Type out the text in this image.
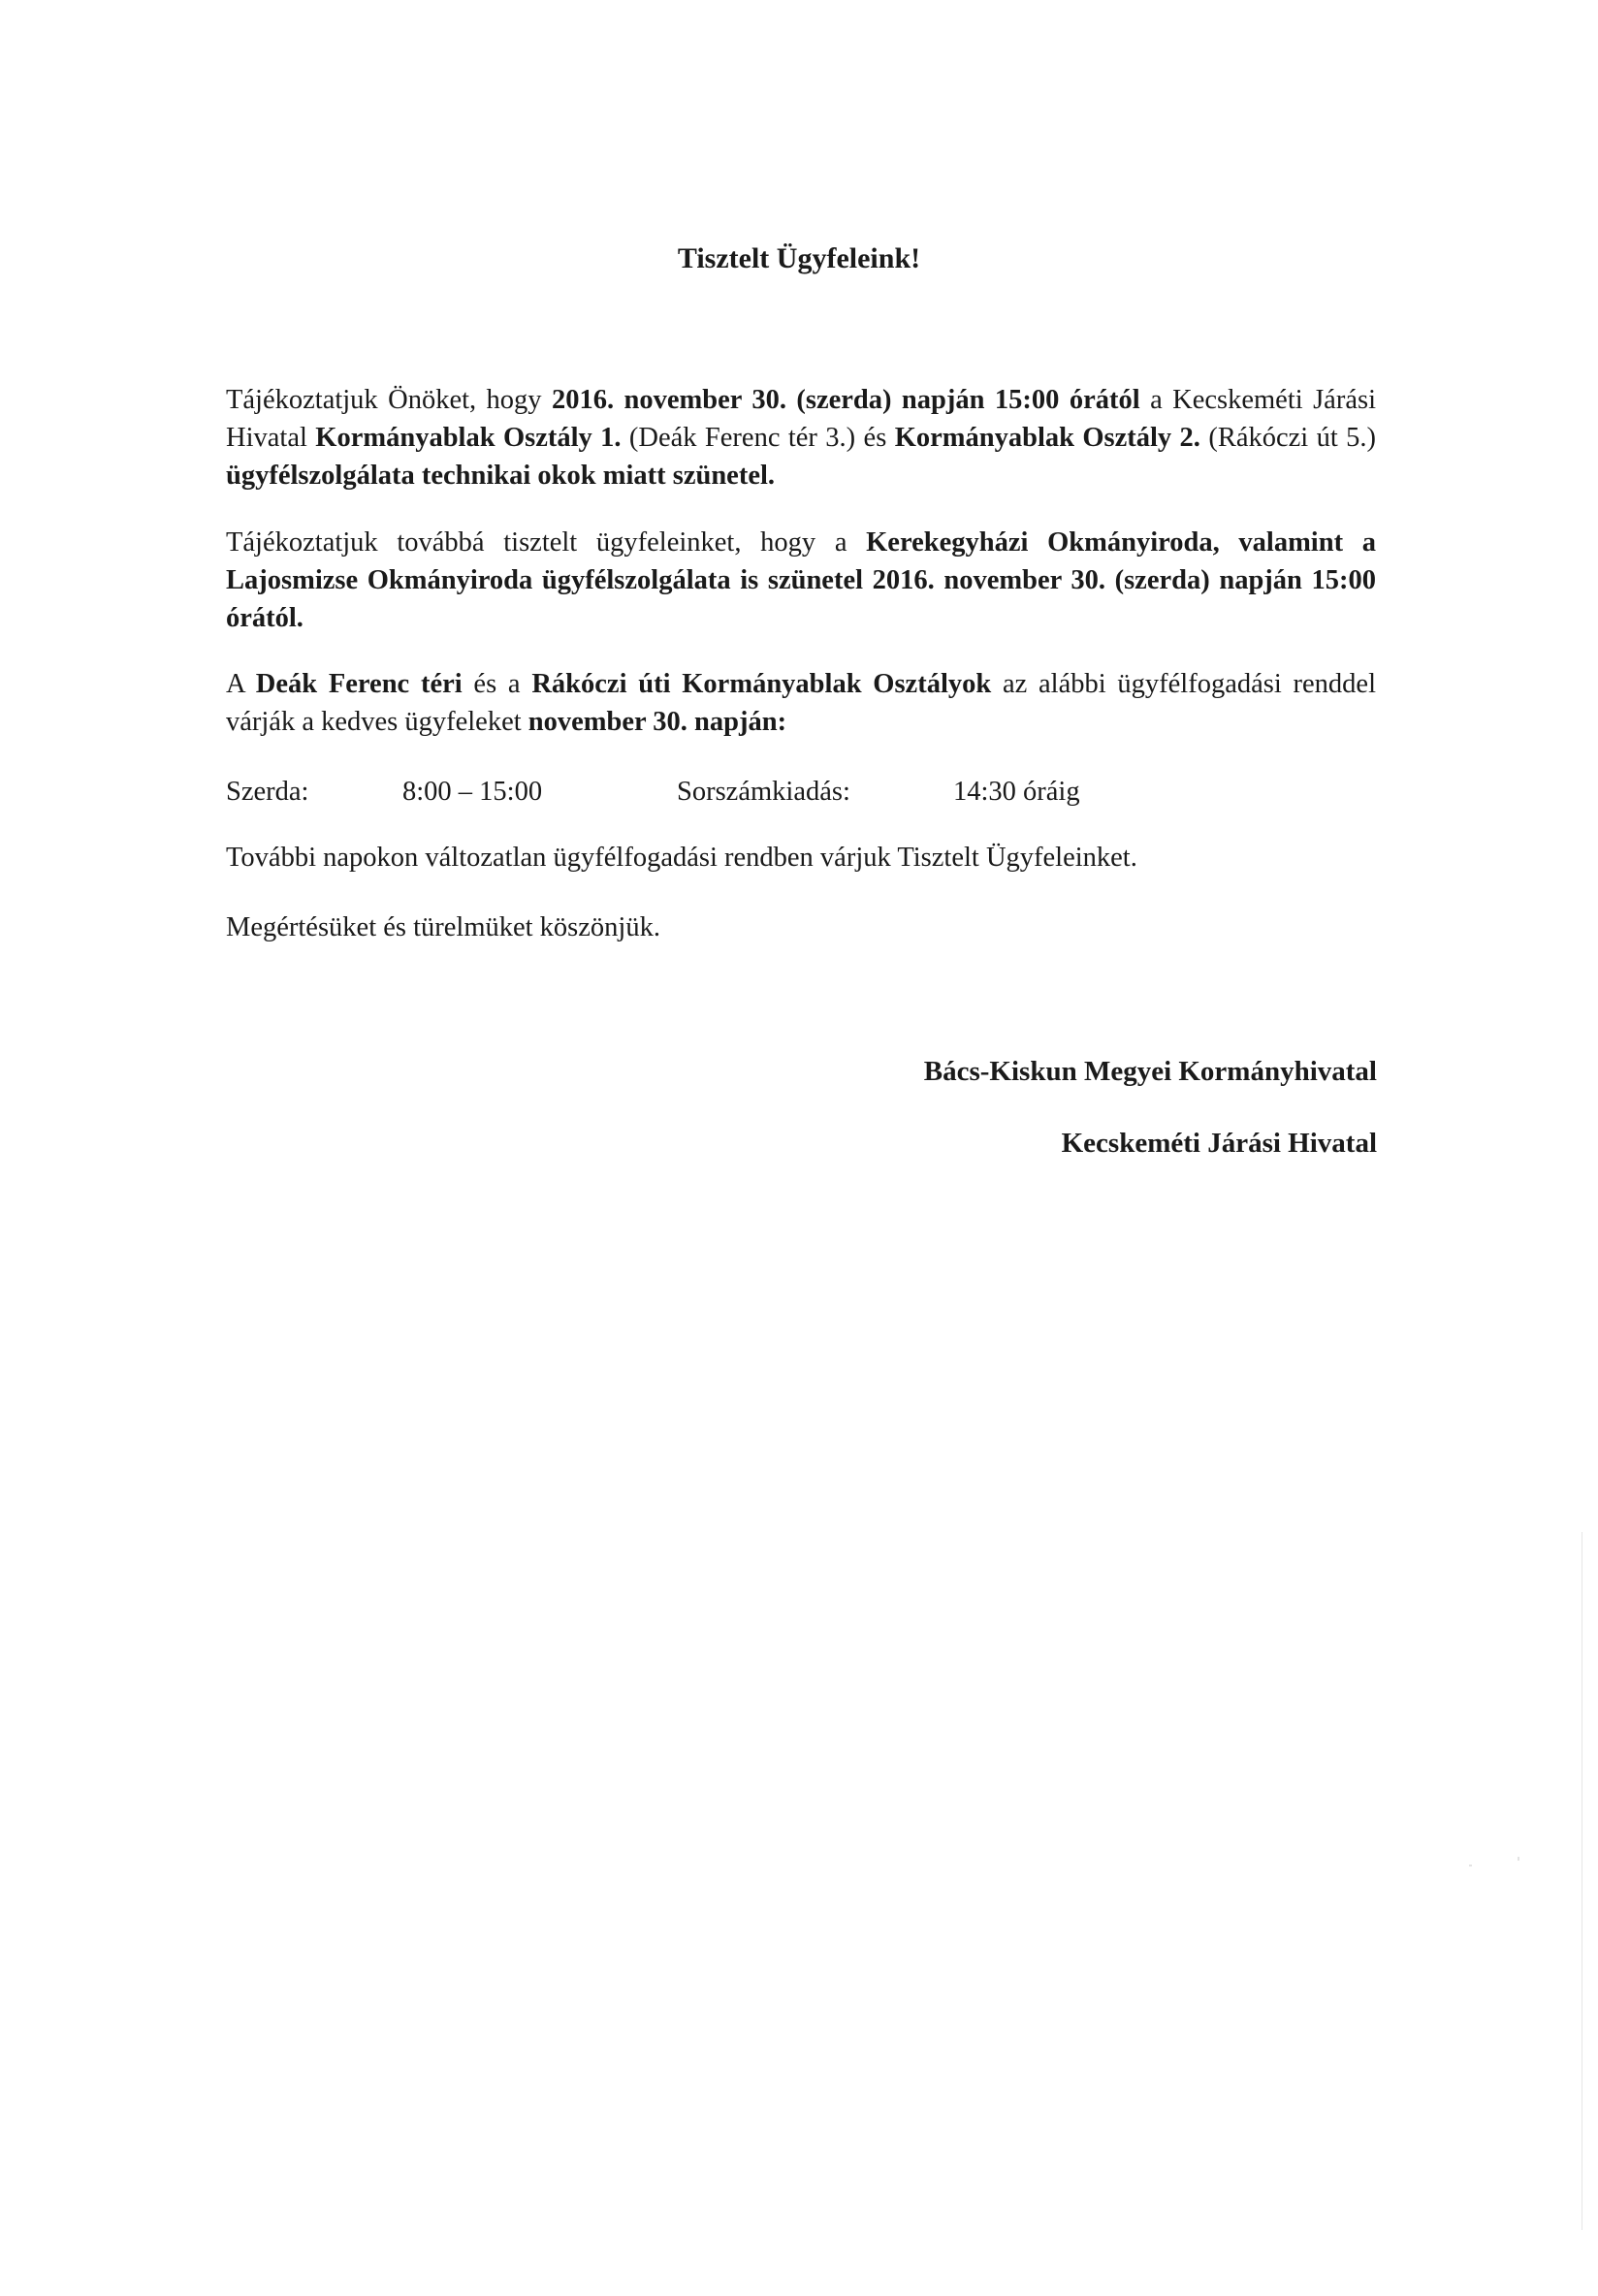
Tisztelt Ügyfeleink!
Tájékoztatjuk Önöket, hogy 2016. november 30. (szerda) napján 15:00 órától a Kecskeméti Járási Hivatal Kormányablak Osztály 1. (Deák Ferenc tér 3.) és Kormányablak Osztály 2. (Rákóczi út 5.) ügyfélszolgálata technikai okok miatt szünetel.
Tájékoztatjuk továbbá tisztelt ügyfeleinket, hogy a Kerekegyházi Okmányiroda, valamint a Lajosmizse Okmányiroda ügyfélszolgálata is szünetel 2016. november 30. (szerda) napján 15:00 órától.
A Deák Ferenc téri és a Rákóczi úti Kormányablak Osztályok az alábbi ügyfélfogadási renddel várják a kedves ügyfeleket november 30. napján:
Szerda:	8:00 – 15:00	Sorszámkiadás:	14:30 óráig
További napokon változatlan ügyfélfogadási rendben várjuk Tisztelt Ügyfeleinket.
Megértésüket és türelmüket köszönjük.
Bács-Kiskun Megyei Kormányhivatal
Kecskeméti Járási Hivatal
